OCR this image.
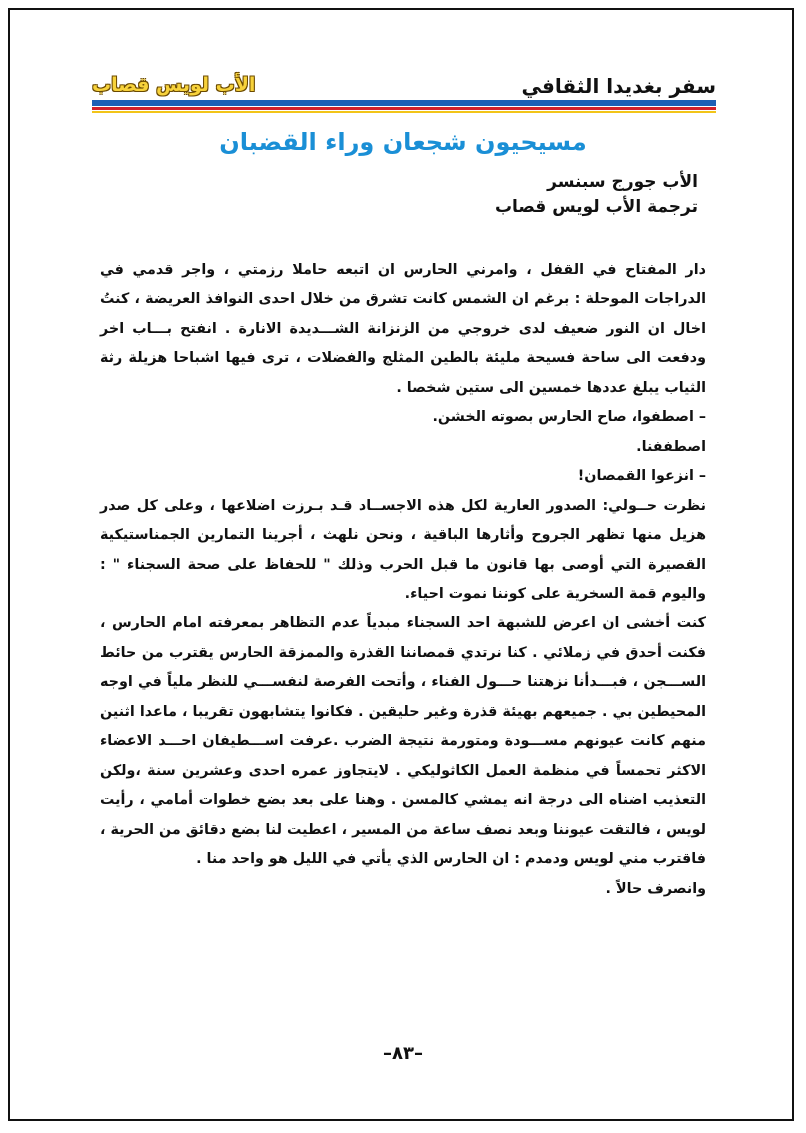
سفر بغديدا الثقافي
الأب لويس قصاب
مسيحيون شجعان وراء القضبان
الأب جورج سبنسر
ترجمة الأب لويس قصاب

دار المفتاح في القفل ، وامرني الحارس ان اتبعه حاملا رزمتي ، واجر قدمي في الدراجات الموحلة : برغم ان الشمس كانت تشرق من خلال احدى النوافذ العريضة ، كنتُ اخال ان النور ضعيف لدى خروجي من الزنزانة الشـــديدة الانارة . انفتح بـــاب اخر ودفعت الى ساحة فسيحة مليئة بالطين المثلج والفضلات ، ترى فيها اشباحا هزيلة رثة الثياب يبلغ عددها خمسين الى ستين شخصا .

– اصطفوا، صاح الحارس بصوته الخشن.

اصطففنا.

– انزعوا القمصان!

نظرت حــولي: الصدور العارية لكل هذه الاجســاد قـد بـرزت اضلاعها ، وعلى كل صدر هزيل منها تظهر الجروح وأثارها الباقية ، ونحن نلهث ، أجرينا التمارين الجمناستيكية القصيرة التي أوصى بها قانون ما قبل الحرب وذلك " للحفاظ على صحة السجناء " : واليوم قمة السخرية على كوننا نموت احياء.

كنت أخشى ان اعرض للشبهة احد السجناء مبدياً عدم التظاهر بمعرفته امام الحارس ، فكنت أحدق في زملائي . كنا نرتدي قمصاننا القذرة والممزقة الحارس يقترب من حائط الســـجن ، فبـــدأنا نزهتنا حـــول الفناء ، وأتحت الفرصة لنفســـي للنظر ملياً في اوجه المحيطين بي . جميعهم بهيئة قذرة وغير حليقين . فكانوا يتشابهون تقريبا ، ماعدا اثنين منهم كانت عيونهم مســـودة ومتورمة نتيجة الضرب .عرفت اســـطيفان احـــد الاعضاء الاكثر تحمساً في منظمة العمل الكاثوليكي . لايتجاوز عمره احدى وعشرين سنة ،ولكن التعذيب اضناه الى درجة انه يمشي كالمسن . وهنا على بعد بضع خطوات أمامي ، رأيت لويس ، فالتقت عيوننا وبعد نصف ساعة من المسير ، اعطيت لنا بضع دقائق من الحرية ، فاقترب مني لويس ودمدم : ان الحارس الذي يأتي في الليل هو واحد منا .

وانصرف حالاً .

–٨٣–
